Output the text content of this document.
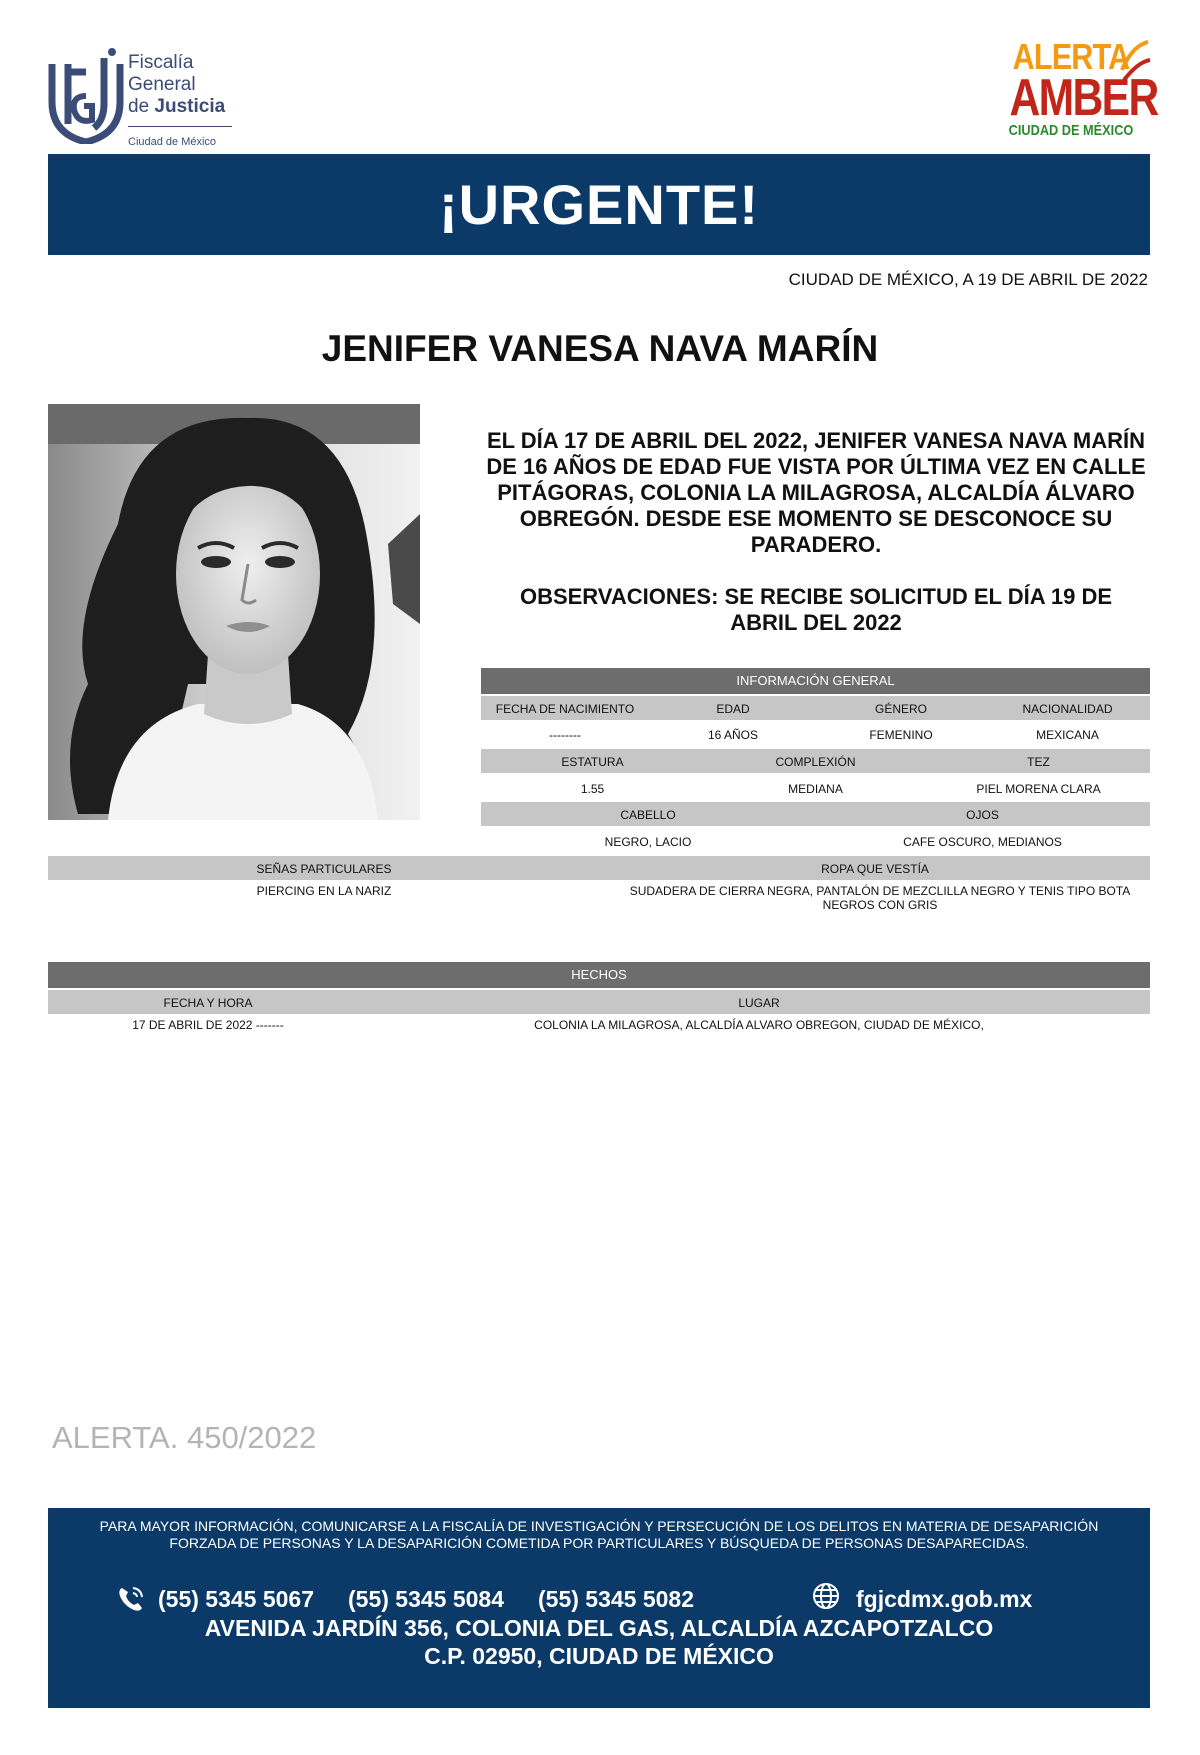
Fiscalía
General
de Justicia
Ciudad de México
ALERTA
AMBER
CIUDAD DE MÉXICO
¡URGENTE!
CIUDAD DE MÉXICO, A 19 DE ABRIL DE 2022
JENIFER VANESA NAVA MARÍN
EL DÍA 17 DE ABRIL DEL 2022, JENIFER VANESA NAVA MARÍN DE 16 AÑOS DE EDAD FUE VISTA POR ÚLTIMA VEZ EN CALLE PITÁGORAS, COLONIA LA MILAGROSA, ALCALDÍA ÁLVARO OBREGÓN. DESDE ESE MOMENTO SE DESCONOCE SU PARADERO.
OBSERVACIONES: SE RECIBE SOLICITUD EL DÍA 19 DE ABRIL DEL 2022
INFORMACIÓN GENERAL
FECHA DE NACIMIENTO	EDAD	GÉNERO	NACIONALIDAD
--------	16 AÑOS	FEMENINO	MEXICANA
ESTATURA	COMPLEXIÓN	TEZ
1.55	MEDIANA	PIEL MORENA CLARA
CABELLO	OJOS
NEGRO, LACIO	CAFE OSCURO, MEDIANOS
SEÑAS PARTICULARES	ROPA QUE VESTÍA
PIERCING EN LA NARIZ	SUDADERA DE CIERRA NEGRA, PANTALÓN DE MEZCLILLA NEGRO Y TENIS TIPO BOTA NEGROS CON GRIS
HECHOS
FECHA Y HORA	LUGAR
17 DE ABRIL DE 2022 -------	COLONIA LA MILAGROSA, ALCALDÍA ALVARO OBREGON, CIUDAD DE MÉXICO,
ALERTA. 450/2022
PARA MAYOR INFORMACIÓN, COMUNICARSE A LA FISCALÍA DE INVESTIGACIÓN Y PERSECUCIÓN DE LOS DELITOS EN MATERIA DE DESAPARICIÓN FORZADA DE PERSONAS Y LA DESAPARICIÓN COMETIDA POR PARTICULARES Y BÚSQUEDA DE PERSONAS DESAPARECIDAS.
(55) 5345 5067 (55) 5345 5084 (55) 5345 5082	fgjcdmx.gob.mx
AVENIDA JARDÍN 356, COLONIA DEL GAS, ALCALDÍA AZCAPOTZALCO
C.P. 02950, CIUDAD DE MÉXICO
